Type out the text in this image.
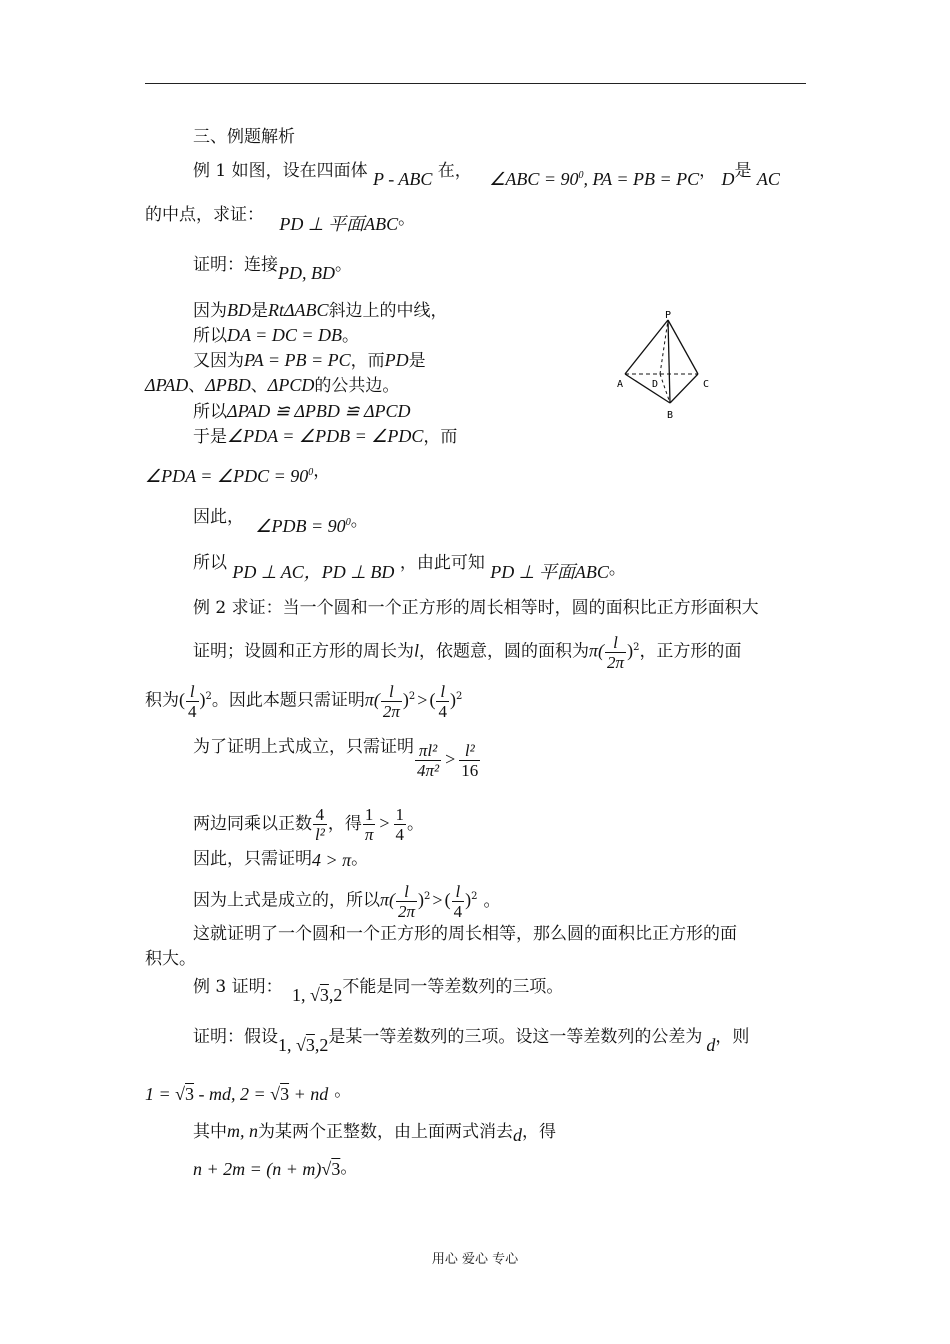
三、例题解析
例 1 如图，设在四面体 P - ABC 在， ∠ABC = $90^0$, PA = PB = PC， D是 AC
的中点，求证： PD ⊥ 平面ABC。
证明：连接PD, BD。
因为BD是RtΔABC斜边上的中线，
所以DA = DC = DB。
又因为PA = PB = PC，而PD是
ΔPAD、ΔPBD、ΔPCD的公共边。
所以ΔPAD ≌ ΔPBD ≌ ΔPCD
于是∠PDA = ∠PDB = ∠PDC，而
∠PDA = ∠PDC = $90^0$，
因此， ∠PDB = $90^0$。
所以 PD ⊥ AC，PD ⊥ BD ，由此可知 PD ⊥ 平面ABC。
P
A	D	C
B
例 2 求证：当一个圆和一个正方形的周长相等时，圆的面积比正方形面积大
证明；设圆和正方形的周长为l，依题意，圆的面积为$\pi( \frac{l}{2\pi} )^2$，正方形的面
积为( $\frac{l}{4} )^2$。因此本题只需证明$\pi( \frac{l}{2\pi} )^2$ > ( $\frac{l}{4} )^2$
为了证明上式成立，只需证明 $\frac{\text{πl²}}{\text{4π²}} > \frac{\text{l²}}{16}$
两边同乘以正数 $\frac{4}{\text{l²}}$ ，得 $\frac{1}{\pi} > \frac{1}{4}$ 。
因此，只需证明4 > π。
因为上式是成立的，所以$\pi( \frac{l}{2\pi} )^2$ > ( $\frac{l}{4} )^2$ 。
这就证明了一个圆和一个正方形的周长相等，那么圆的面积比正方形的面
积大。
例 3 证明： 1, √3,2不能是同一等差数列的三项。
证明：假设1, √3,2是某一等差数列的三项。设这一等差数列的公差为 d，则
1 = √3 - md, 2 = √3 + nd 。
其中m, n为某两个正整数，由上面两式消去d，得
n + 2m = (n + m)√3。
用心 爱心 专心
